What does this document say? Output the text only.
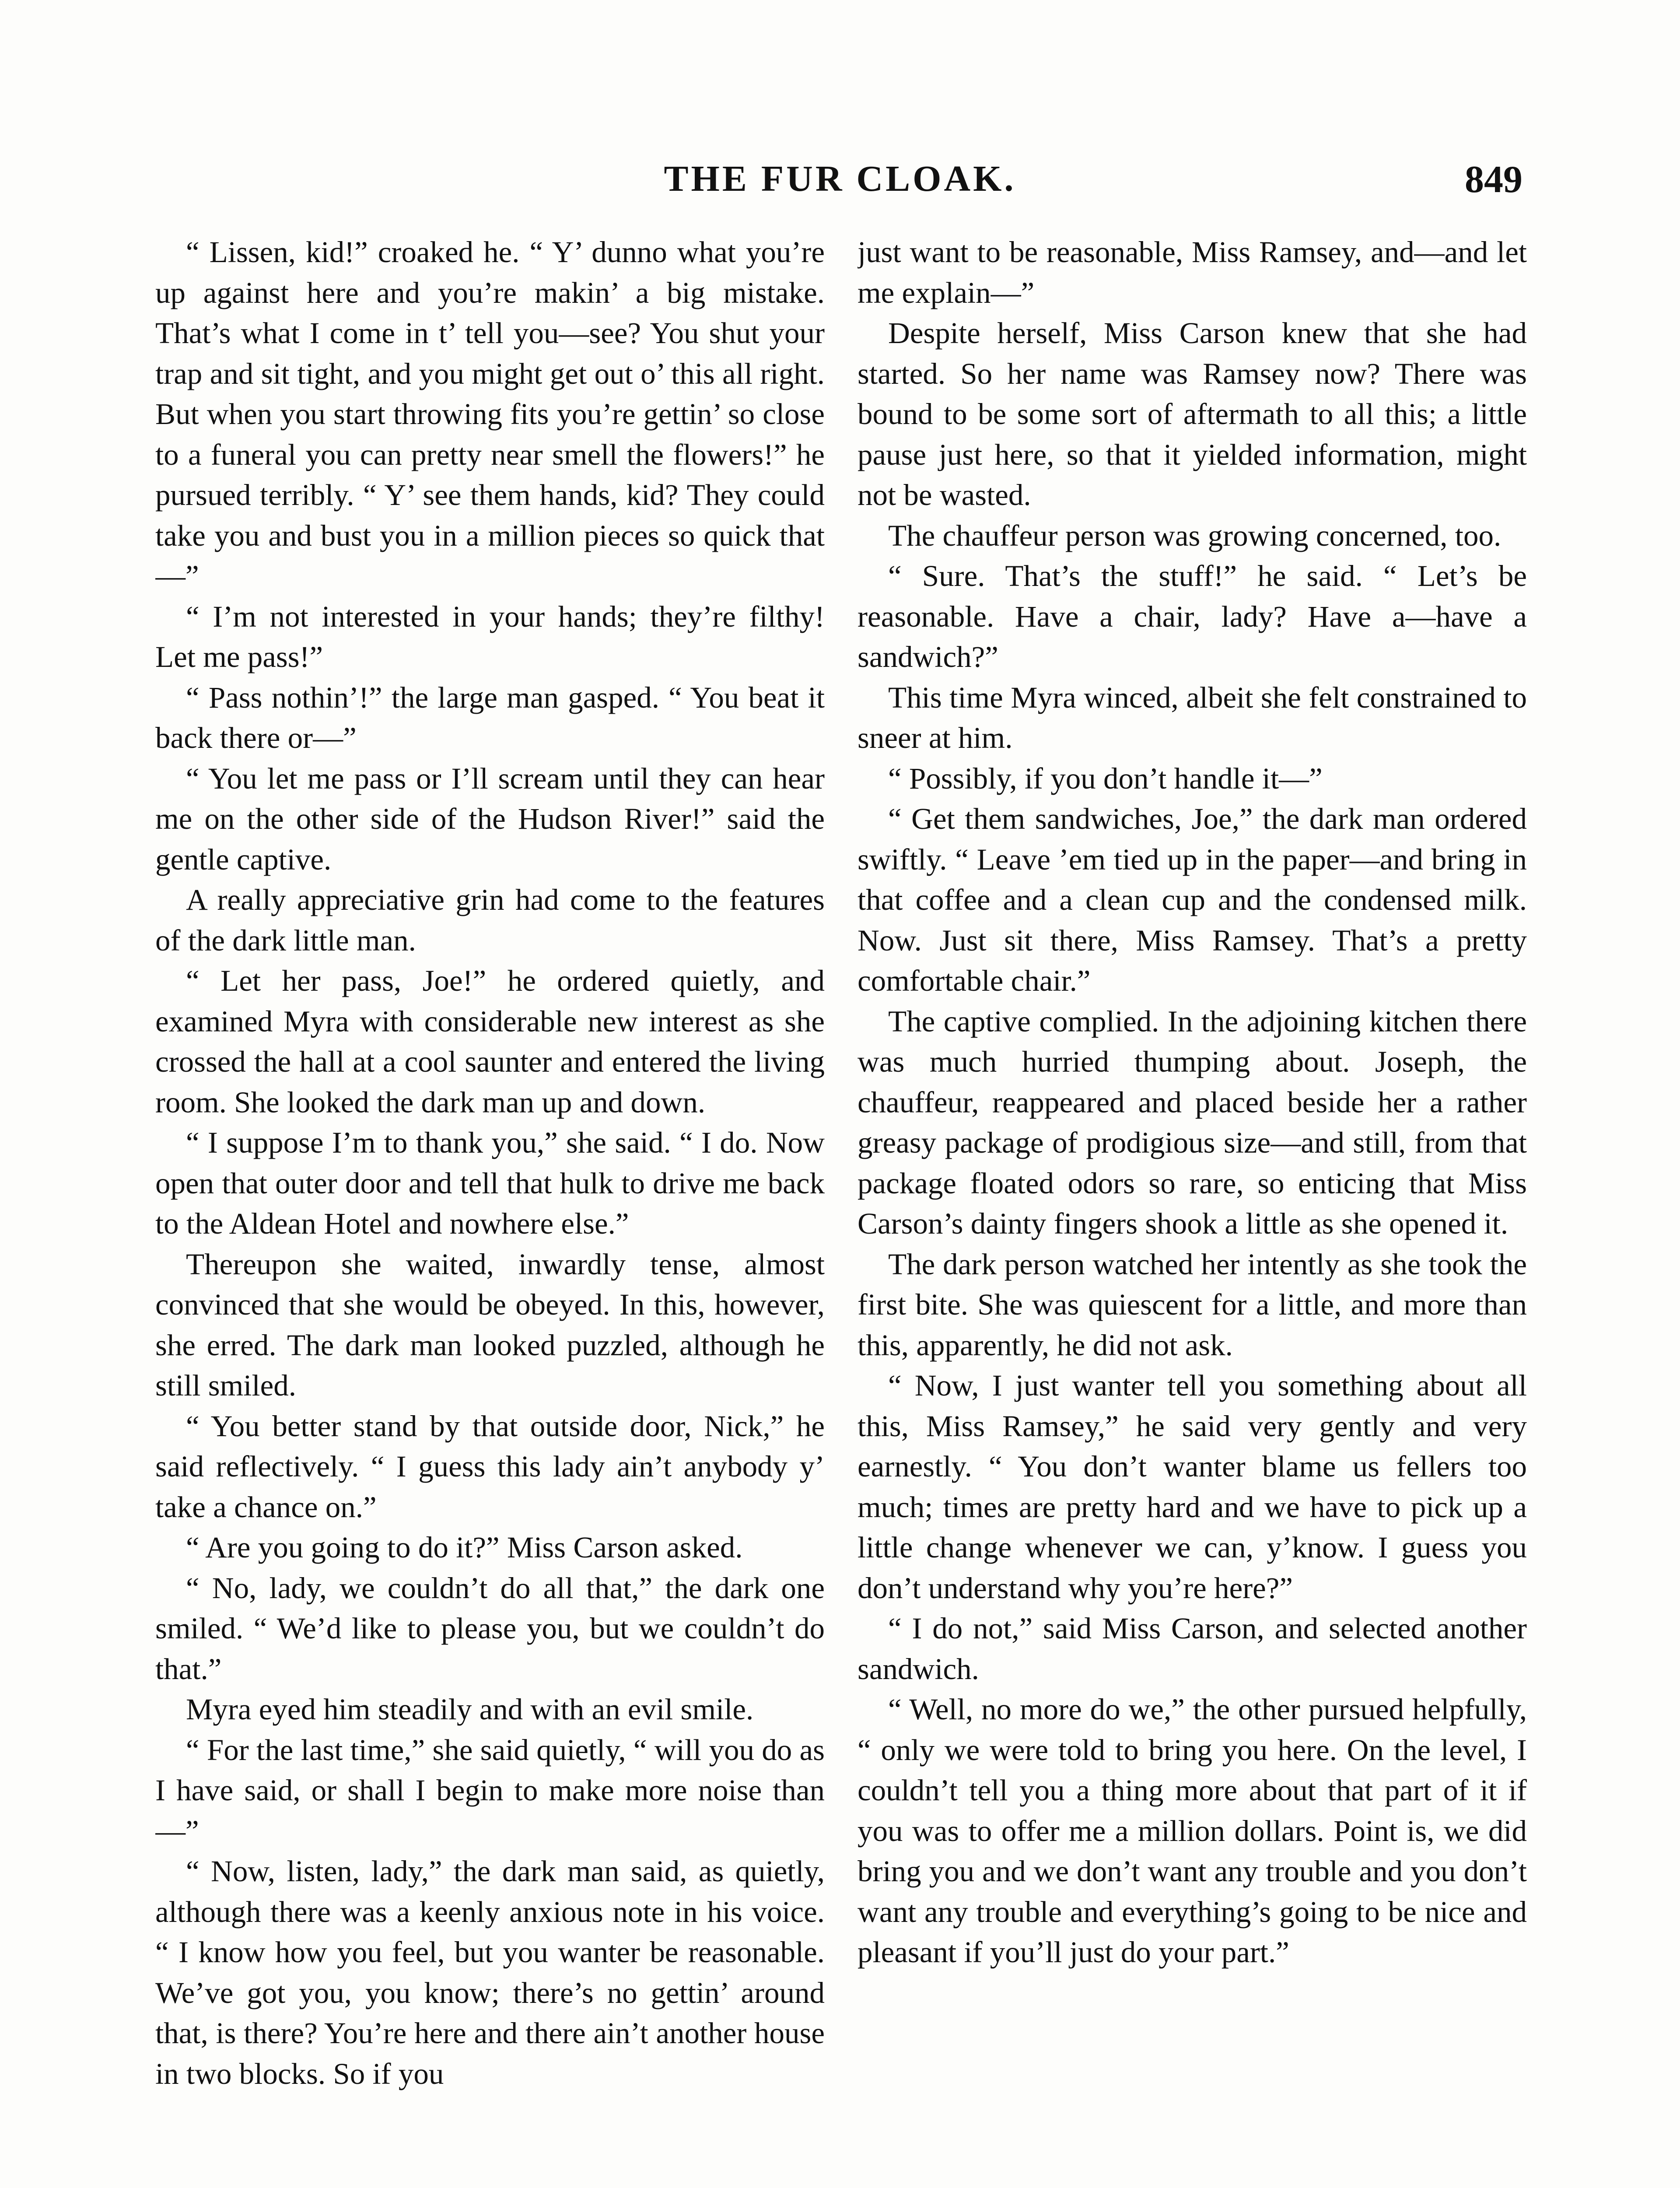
THE FUR CLOAK.	849

“ Lissen, kid!” croaked he. “ Y’ dunno what you’re up against here and you’re makin’ a big mistake. That’s what I come in t’ tell you—see? You shut your trap and sit tight, and you might get out o’ this all right. But when you start throwing fits you’re gettin’ so close to a funeral you can pretty near smell the flowers!” he pursued terribly. “ Y’ see them hands, kid? They could take you and bust you in a million pieces so quick that—”

“ I’m not interested in your hands; they’re filthy! Let me pass!”

“ Pass nothin’!” the large man gasped. “ You beat it back there or—”

“ You let me pass or I’ll scream until they can hear me on the other side of the Hudson River!” said the gentle captive.

A really appreciative grin had come to the features of the dark little man.

“ Let her pass, Joe!” he ordered quietly, and examined Myra with considerable new interest as she crossed the hall at a cool saunter and entered the living room. She looked the dark man up and down.

“ I suppose I’m to thank you,” she said. “ I do. Now open that outer door and tell that hulk to drive me back to the Aldean Hotel and nowhere else.”

Thereupon she waited, inwardly tense, almost convinced that she would be obeyed. In this, however, she erred. The dark man looked puzzled, although he still smiled.

“ You better stand by that outside door, Nick,” he said reflectively. “ I guess this lady ain’t anybody y’ take a chance on.”

“ Are you going to do it?” Miss Carson asked.

“ No, lady, we couldn’t do all that,” the dark one smiled. “ We’d like to please you, but we couldn’t do that.”

Myra eyed him steadily and with an evil smile.

“ For the last time,” she said quietly, “ will you do as I have said, or shall I begin to make more noise than—”

“ Now, listen, lady,” the dark man said, as quietly, although there was a keenly anxious note in his voice. “ I know how you feel, but you wanter be reasonable. We’ve got you, you know; there’s no gettin’ around that, is there? You’re here and there ain’t another house in two blocks. So if you

just want to be reasonable, Miss Ramsey, and—and let me explain—”

Despite herself, Miss Carson knew that she had started. So her name was Ramsey now? There was bound to be some sort of aftermath to all this; a little pause just here, so that it yielded information, might not be wasted.

The chauffeur person was growing concerned, too.

“ Sure. That’s the stuff!” he said. “ Let’s be reasonable. Have a chair, lady? Have a—have a sandwich?”

This time Myra winced, albeit she felt constrained to sneer at him.

“ Possibly, if you don’t handle it—”

“ Get them sandwiches, Joe,” the dark man ordered swiftly. “ Leave ’em tied up in the paper—and bring in that coffee and a clean cup and the condensed milk. Now. Just sit there, Miss Ramsey. That’s a pretty comfortable chair.”

The captive complied. In the adjoining kitchen there was much hurried thumping about. Joseph, the chauffeur, reappeared and placed beside her a rather greasy package of prodigious size—and still, from that package floated odors so rare, so enticing that Miss Carson’s dainty fingers shook a little as she opened it.

The dark person watched her intently as she took the first bite. She was quiescent for a little, and more than this, apparently, he did not ask.

“ Now, I just wanter tell you something about all this, Miss Ramsey,” he said very gently and very earnestly. “ You don’t wanter blame us fellers too much; times are pretty hard and we have to pick up a little change whenever we can, y’know. I guess you don’t understand why you’re here?”

“ I do not,” said Miss Carson, and selected another sandwich.

“ Well, no more do we,” the other pursued helpfully, “ only we were told to bring you here. On the level, I couldn’t tell you a thing more about that part of it if you was to offer me a million dollars. Point is, we did bring you and we don’t want any trouble and you don’t want any trouble and everything’s going to be nice and pleasant if you’ll just do your part.”
